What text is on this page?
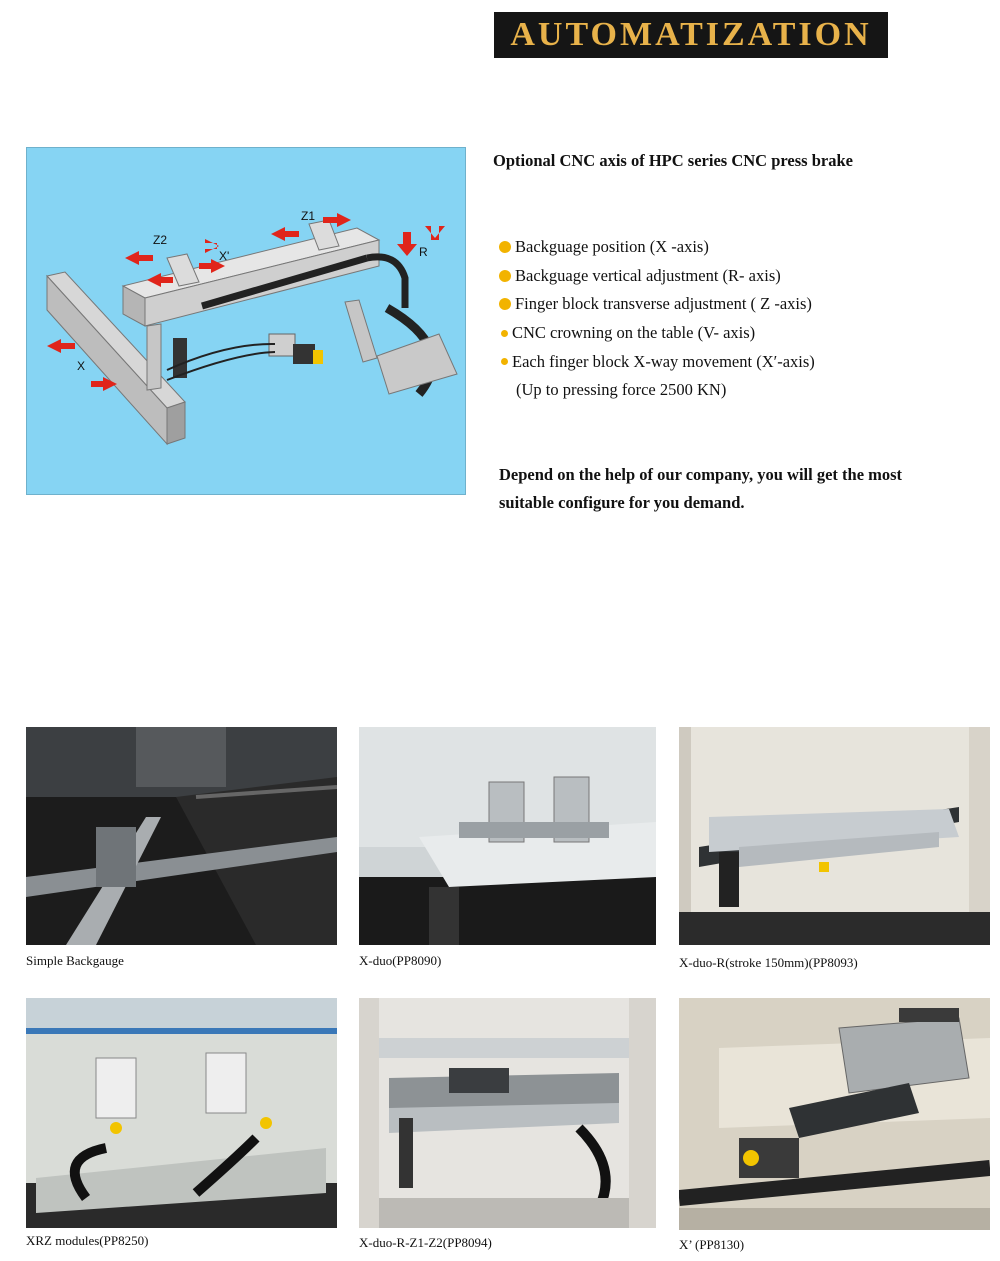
AUTOMATIZATION
Z1
Z2
X'	R
X
Optional CNC axis of HPC series CNC press brake
Backguage position (X -axis)
Backguage vertical adjustment (R- axis)
Finger block transverse adjustment ( Z -axis)
CNC crowning on the table (V- axis)
Each finger block X-way movement (X′-axis)
(Up to pressing force 2500 KN)
Depend on the help of our company, you will get the most suitable configure for you demand.
Simple Backgauge	X-duo(PP8090)	X-duo-R(stroke 150mm)(PP8093)
XRZ modules(PP8250)	X-duo-R-Z1-Z2(PP8094)	X’ (PP8130)
